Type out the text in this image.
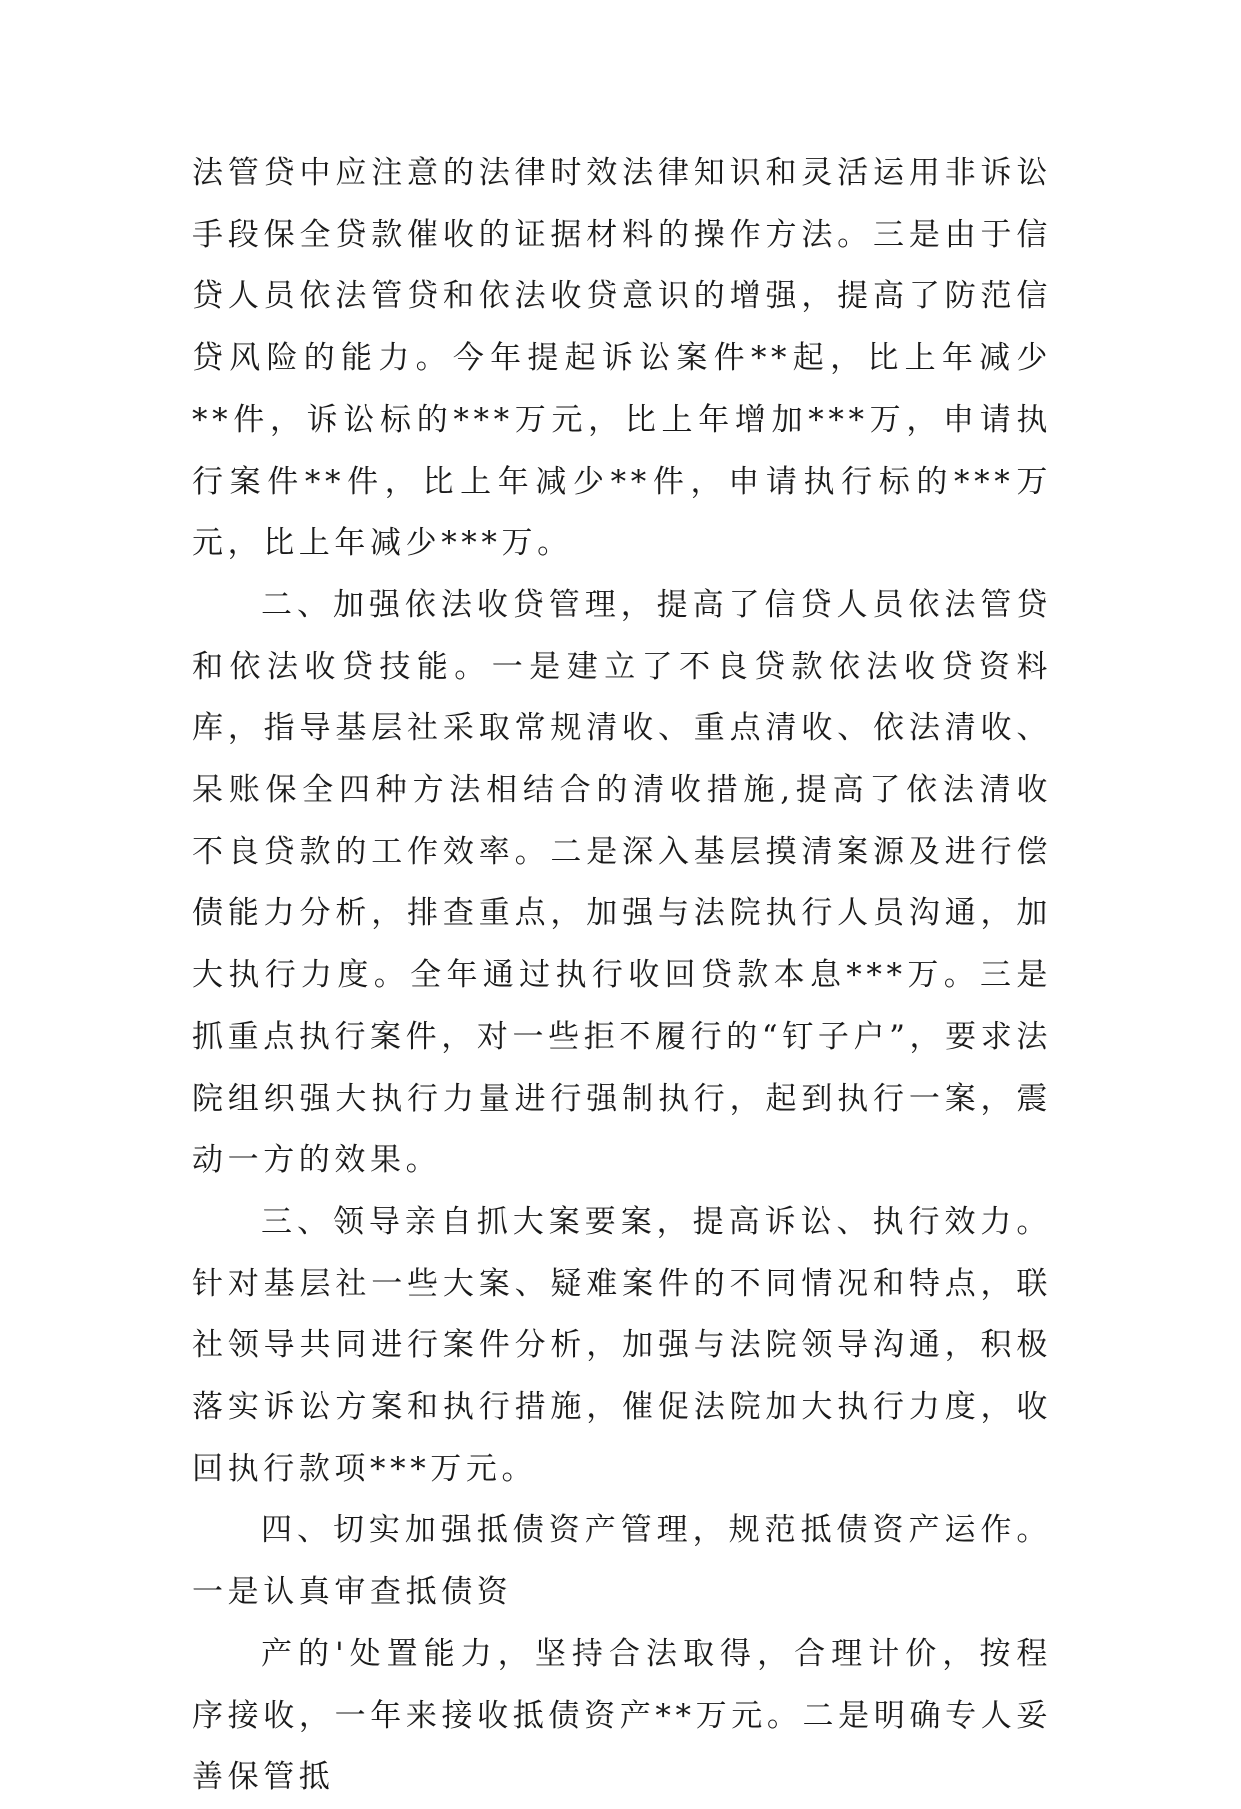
法管贷中应注意的法律时效法律知识和灵活运用非诉讼手段保全贷款催收的证据材料的操作方法。三是由于信贷人员依法管贷和依法收贷意识的增强，提高了防范信贷风险的能力。今年提起诉讼案件**起，比上年减少**件，诉讼标的***万元，比上年增加***万，申请执行案件**件，比上年减少**件，申请执行标的***万元，比上年减少***万。

二、加强依法收贷管理，提高了信贷人员依法管贷和依法收贷技能。一是建立了不良贷款依法收贷资料库，指导基层社采取常规清收、重点清收、依法清收、呆账保全四种方法相结合的清收措施,提高了依法清收不良贷款的工作效率。二是深入基层摸清案源及进行偿债能力分析，排查重点，加强与法院执行人员沟通，加大执行力度。全年通过执行收回贷款本息***万。三是抓重点执行案件，对一些拒不履行的“钉子户”，要求法院组织强大执行力量进行强制执行，起到执行一案，震动一方的效果。

三、领导亲自抓大案要案，提高诉讼、执行效力。针对基层社一些大案、疑难案件的不同情况和特点，联社领导共同进行案件分析，加强与法院领导沟通，积极落实诉讼方案和执行措施，催促法院加大执行力度，收回执行款项***万元。

四、切实加强抵债资产管理，规范抵债资产运作。一是认真审查抵债资

产的'处置能力，坚持合法取得，合理计价，按程序接收，一年来接收抵债资产**万元。二是明确专人妥善保管抵
